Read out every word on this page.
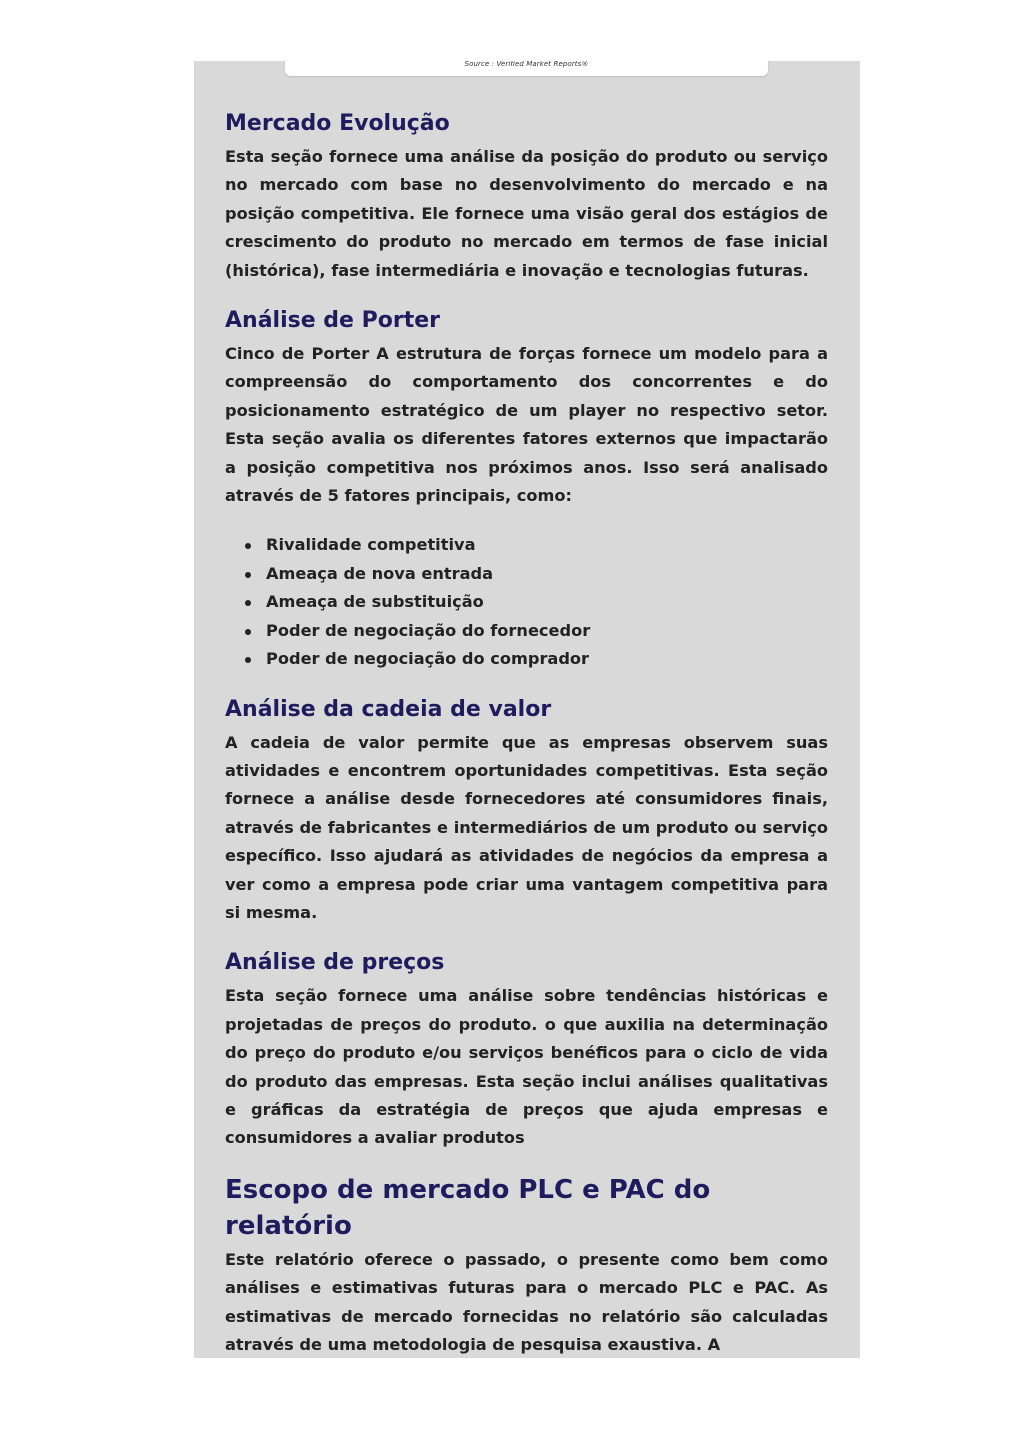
Source : Verified Market Reports®
Mercado Evolução

Esta seção fornece uma análise da posição do produto ou serviço no mercado com base no desenvolvimento do mercado e na posição competitiva. Ele fornece uma visão geral dos estágios de crescimento do produto no mercado em termos de fase inicial (histórica), fase intermediária e inovação e tecnologias futuras.

Análise de Porter

Cinco de Porter A estrutura de forças fornece um modelo para a compreensão do comportamento dos concorrentes e do posicionamento estratégico de um player no respectivo setor. Esta seção avalia os diferentes fatores externos que impactarão a posição competitiva nos próximos anos. Isso será analisado através de 5 fatores principais, como:

Rivalidade competitiva
Ameaça de nova entrada
Ameaça de substituição
Poder de negociação do fornecedor
Poder de negociação do comprador
Análise da cadeia de valor

A cadeia de valor permite que as empresas observem suas atividades e encontrem oportunidades competitivas. Esta seção fornece a análise desde fornecedores até consumidores finais, através de fabricantes e intermediários de um produto ou serviço específico. Isso ajudará as atividades de negócios da empresa a ver como a empresa pode criar uma vantagem competitiva para si mesma.

Análise de preços

Esta seção fornece uma análise sobre tendências históricas e projetadas de preços do produto. o que auxilia na determinação do preço do produto e/ou serviços benéficos para o ciclo de vida do produto das empresas. Esta seção inclui análises qualitativas e gráficas da estratégia de preços que ajuda empresas e consumidores a avaliar produtos

Escopo de mercado PLC e PAC do relatório

Este relatório oferece o passado, o presente como bem como análises e estimativas futuras para o mercado PLC e PAC. As estimativas de mercado fornecidas no relatório são calculadas através de uma metodologia de pesquisa exaustiva. A
